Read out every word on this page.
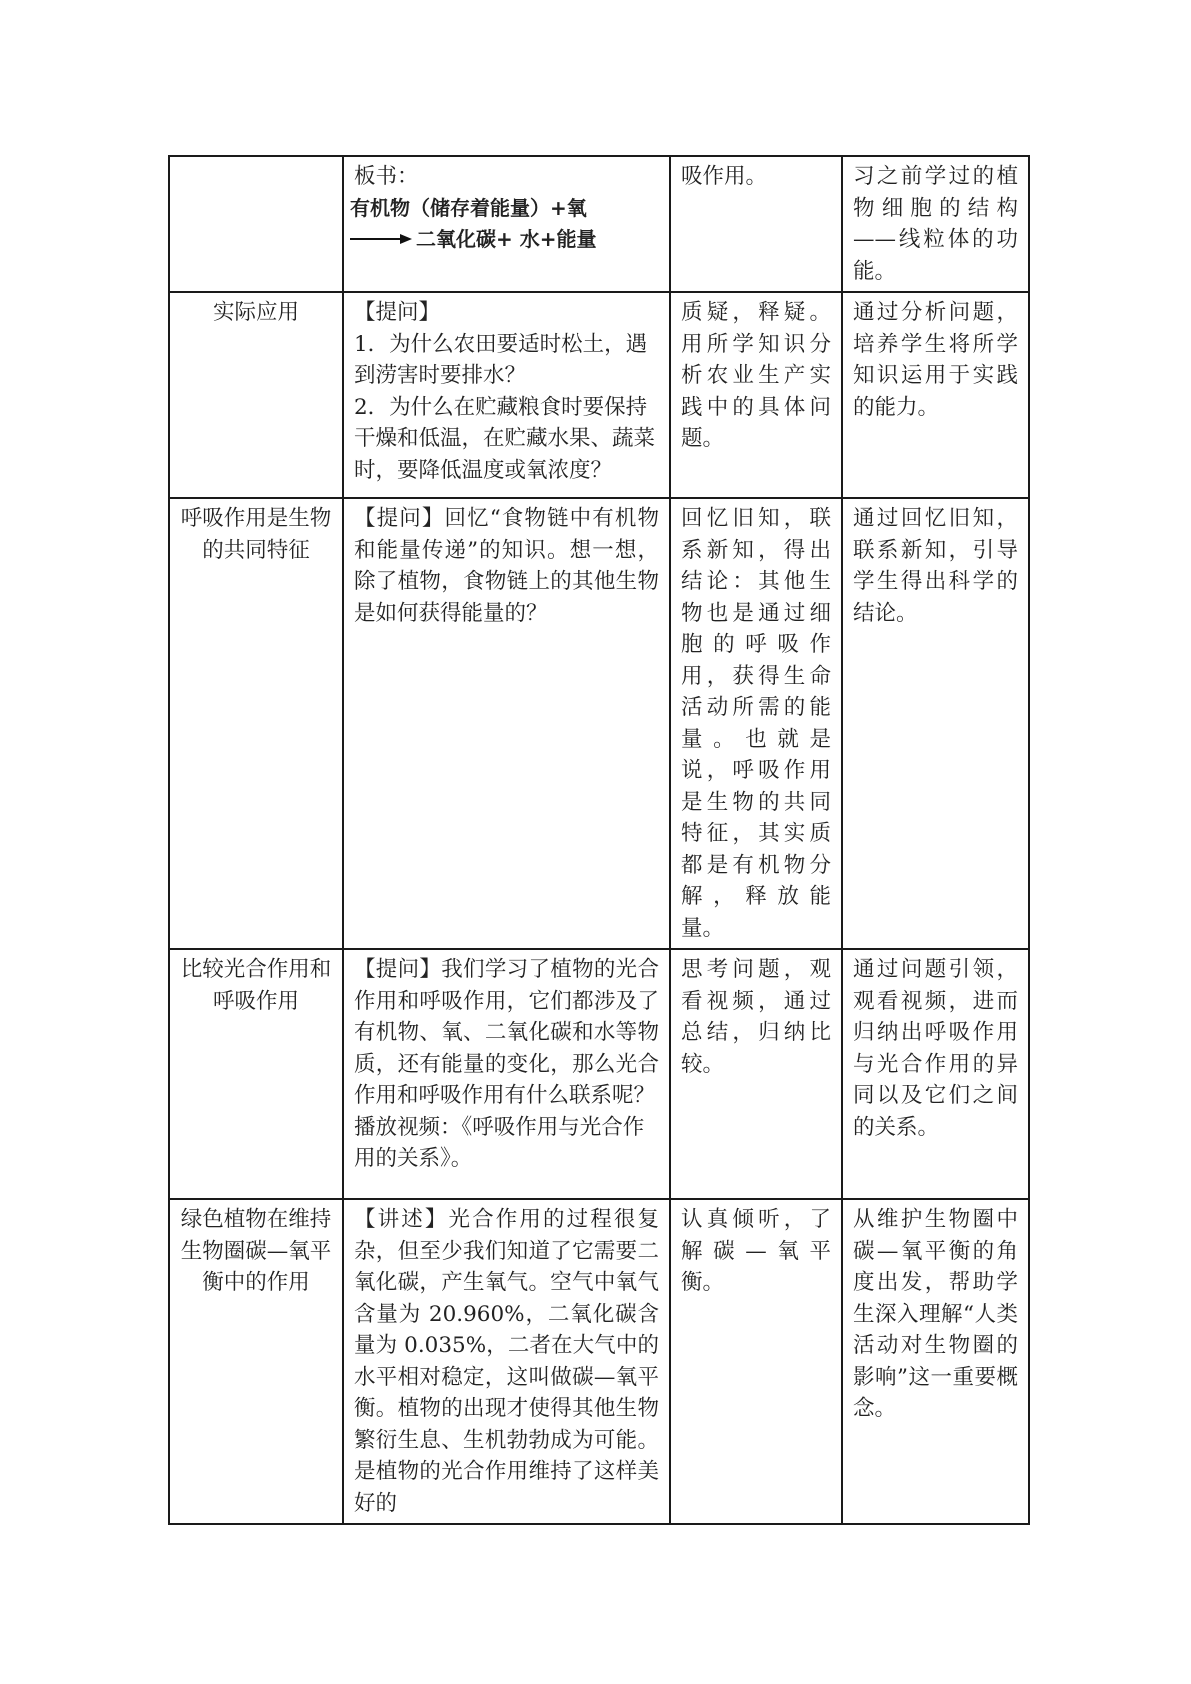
	板书：
有机物（储存着能量）+氧
→ 二氧化碳+ 水+能量	吸作用。	习之前学过的植物细胞的结构——线粒体的功能。
实际应用	【提问】
1．为什么农田要适时松土，遇到涝害时要排水？
2．为什么在贮藏粮食时要保持干燥和低温，在贮藏水果、蔬菜时，要降低温度或氧浓度？	质疑，释疑。用所学知识分析农业生产实践中的具体问题。	通过分析问题，培养学生将所学知识运用于实践的能力。
呼吸作用是生物的共同特征	【提问】回忆“食物链中有机物和能量传递”的知识。想一想，除了植物，食物链上的其他生物是如何获得能量的？	回忆旧知，联系新知，得出结论：其他生物也是通过细胞的呼吸作用，获得生命活动所需的能量。也就是说，呼吸作用是生物的共同特征，其实质都是有机物分解，释放能量。	通过回忆旧知，联系新知，引导学生得出科学的结论。
比较光合作用和呼吸作用	【提问】我们学习了植物的光合作用和呼吸作用，它们都涉及了有机物、氧、二氧化碳和水等物质，还有能量的变化，那么光合作用和呼吸作用有什么联系呢？
播放视频：《呼吸作用与光合作用的关系》。	思考问题，观看视频，通过总结，归纳比较。	通过问题引领，观看视频，进而归纳出呼吸作用与光合作用的异同以及它们之间的关系。
绿色植物在维持生物圈碳—氧平衡中的作用	【讲述】光合作用的过程很复杂，但至少我们知道了它需要二氧化碳，产生氧气。空气中氧气含量为 20.960%，二氧化碳含量为 0.035%，二者在大气中的水平相对稳定，这叫做碳—氧平衡。植物的出现才使得其他生物繁衍生息、生机勃勃成为可能。是植物的光合作用维持了这样美好的	认真倾听，了解碳—氧平衡。	从维护生物圈中碳—氧平衡的角度出发，帮助学生深入理解“人类活动对生物圈的影响”这一重要概念。
